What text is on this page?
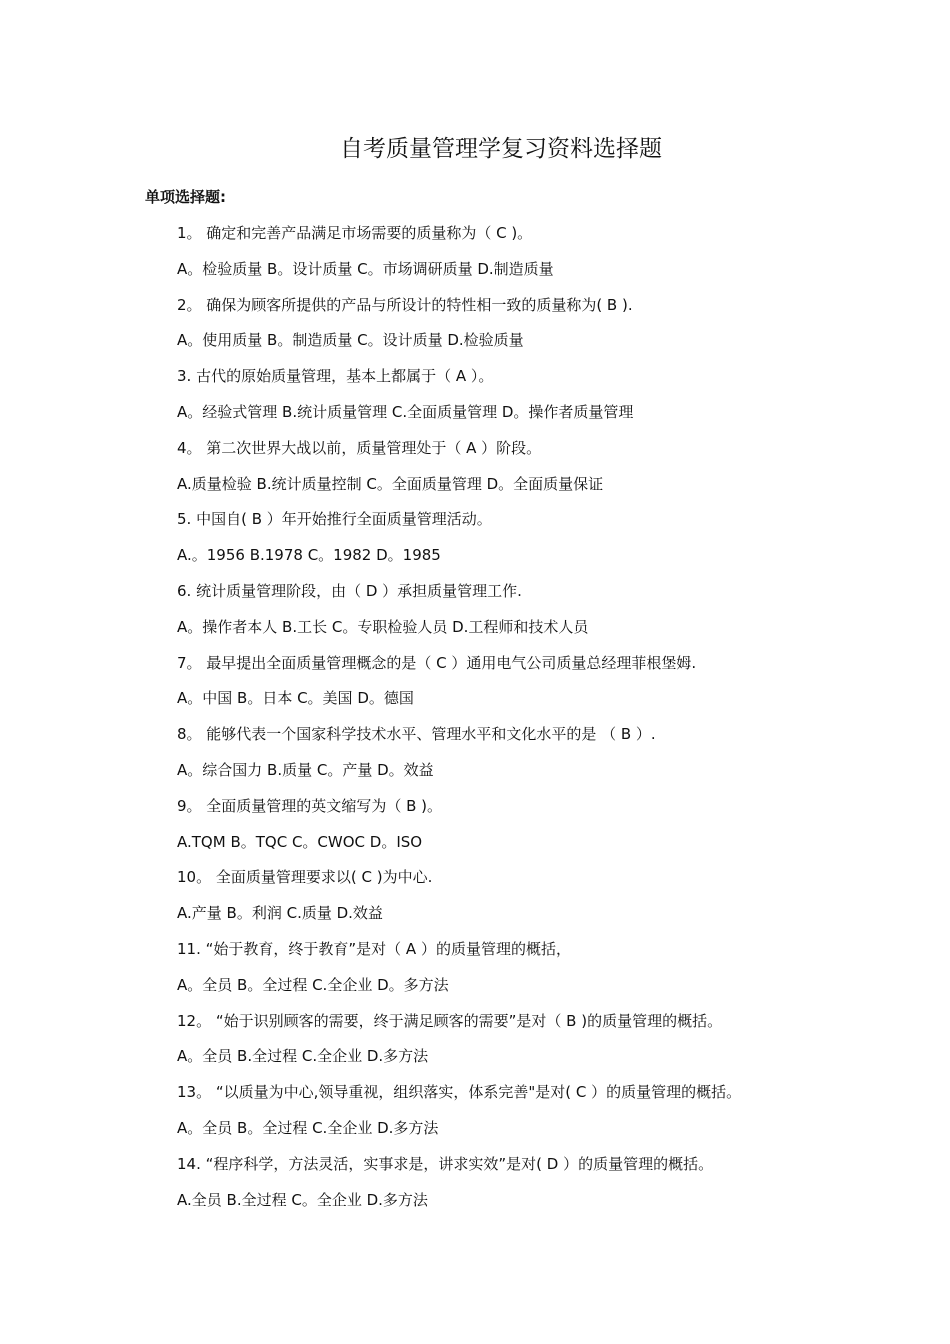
自考质量管理学复习资料选择题
单项选择题:
1。 确定和完善产品满足市场需要的质量称为（ C )。
A。检验质量 B。设计质量 C。市场调研质量 D.制造质量
2。 确保为顾客所提供的产品与所设计的特性相一致的质量称为( B ).
A。使用质量 B。制造质量 C。设计质量 D.检验质量
3. 古代的原始质量管理，基本上都属于（ A ）。
A。经验式管理 B.统计质量管理 C.全面质量管理 D。操作者质量管理
4。 第二次世界大战以前，质量管理处于（ A ）阶段。
A.质量检验 B.统计质量控制 C。全面质量管理 D。全面质量保证
5. 中国自( B ）年开始推行全面质量管理活动。
A.。1956 B.1978 C。1982 D。1985
6. 统计质量管理阶段，由（ D ）承担质量管理工作.
A。操作者本人 B.工长 C。专职检验人员 D.工程师和技术人员
7。 最早提出全面质量管理概念的是（ C ）通用电气公司质量总经理菲根堡姆.
A。中国 B。日本 C。美国 D。德国
8。 能够代表一个国家科学技术水平、管理水平和文化水平的是 （ B ）.
A。综合国力 B.质量 C。产量 D。效益
9。 全面质量管理的英文缩写为（ B )。
A.TQM B。TQC C。CWOC D。ISO
10。 全面质量管理要求以( C )为中心.
A.产量 B。利润 C.质量 D.效益
11. “始于教育，终于教育”是对（ A ）的质量管理的概括，
A。全员 B。全过程 C.全企业 D。多方法
12。 “始于识别顾客的需要，终于满足顾客的需要”是对（ B )的质量管理的概括。
A。全员 B.全过程 C.全企业 D.多方法
13。 “以质量为中心,领导重视，组织落实，体系完善"是对( C ）的质量管理的概括。
A。全员 B。全过程 C.全企业 D.多方法
14. “程序科学，方法灵活，实事求是，讲求实效”是对( D ）的质量管理的概括。
A.全员 B.全过程 C。全企业 D.多方法
